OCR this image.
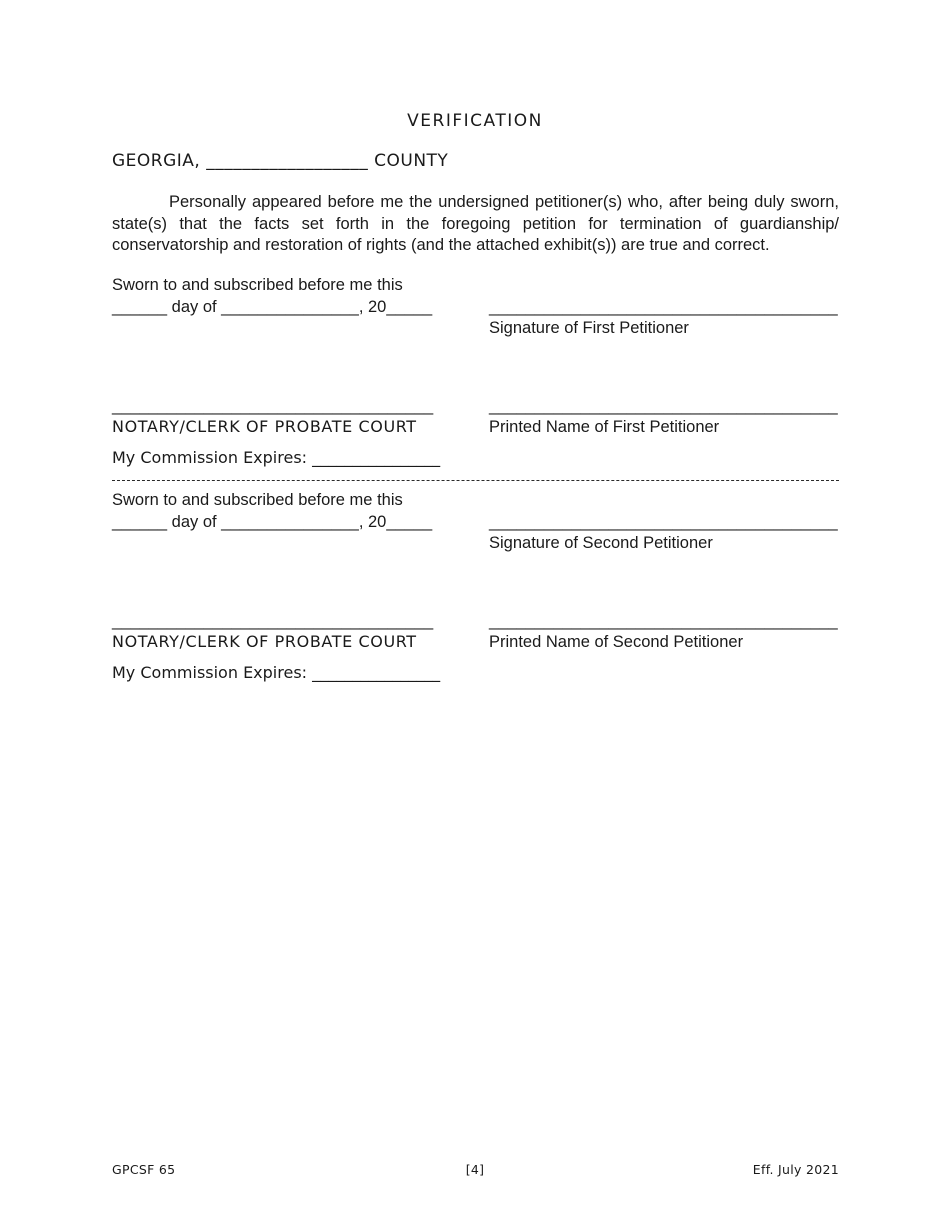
VERIFICATION
GEORGIA, __________________ COUNTY
Personally appeared before me the undersigned petitioner(s) who, after being duly sworn, state(s) that the facts set forth in the foregoing petition for termination of guardianship/ conservatorship and restoration of rights (and the attached exhibit(s)) are true and correct.
Sworn to and subscribed before me this
______ day of _______________, 20_____	______________________________________
Signature of First Petitioner
___________________________________	______________________________________
NOTARY/CLERK OF PROBATE COURT	Printed Name of First Petitioner
My Commission Expires: ________________
Sworn to and subscribed before me this
______ day of _______________, 20_____	______________________________________
Signature of Second Petitioner
___________________________________	______________________________________
NOTARY/CLERK OF PROBATE COURT	Printed Name of Second Petitioner
My Commission Expires: ________________
GPCSF 65	[4]	Eff. July 2021
